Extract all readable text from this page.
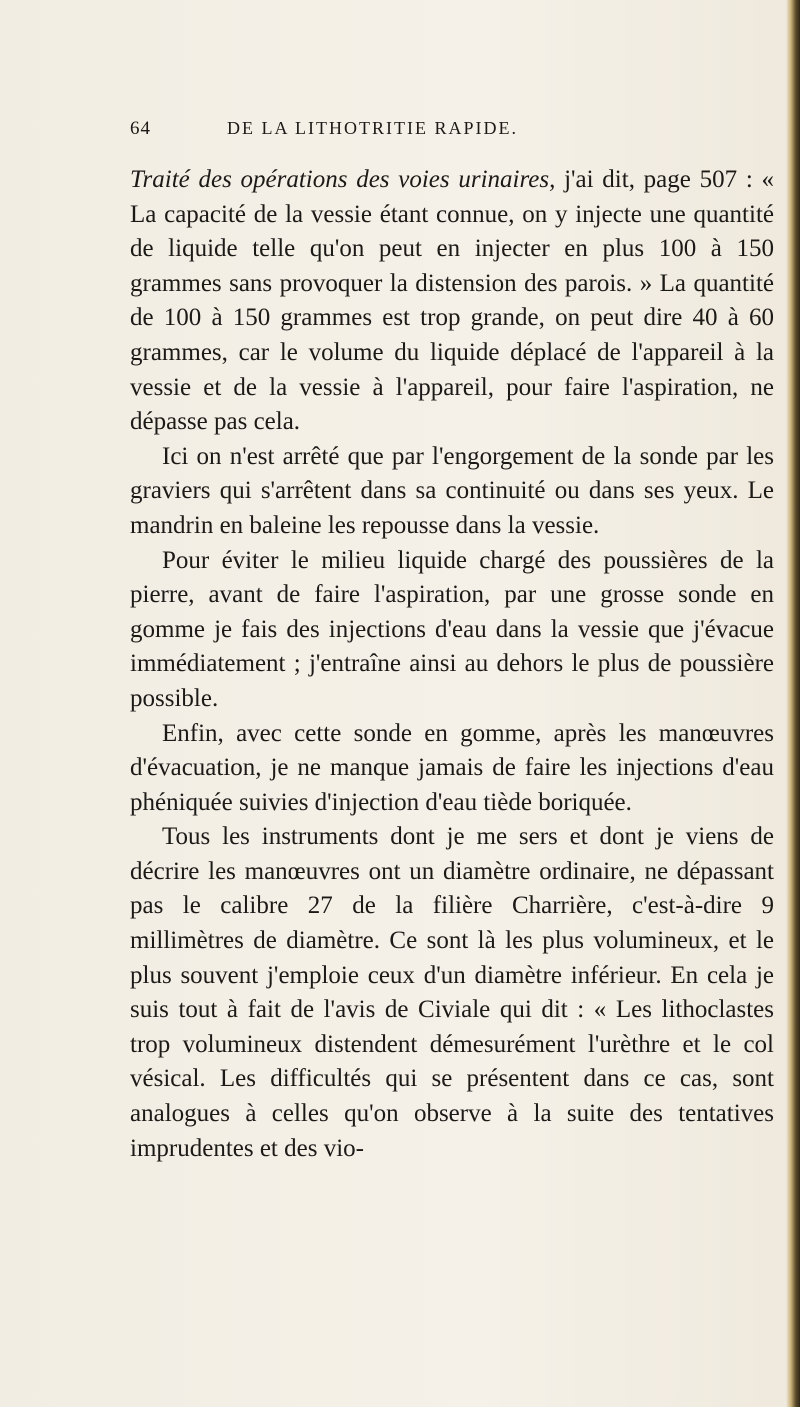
64	DE LA LITHOTRITIE RAPIDE.

Traité des opérations des voies urinaires, j'ai dit, page 507 : « La capacité de la vessie étant connue, on y injecte une quantité de liquide telle qu'on peut en injecter en plus 100 à 150 grammes sans provoquer la distension des parois. » La quantité de 100 à 150 grammes est trop grande, on peut dire 40 à 60 grammes, car le volume du liquide déplacé de l'appareil à la vessie et de la vessie à l'appareil, pour faire l'aspiration, ne dépasse pas cela.

Ici on n'est arrêté que par l'engorgement de la sonde par les graviers qui s'arrêtent dans sa continuité ou dans ses yeux. Le mandrin en baleine les repousse dans la vessie.

Pour éviter le milieu liquide chargé des poussières de la pierre, avant de faire l'aspiration, par une grosse sonde en gomme je fais des injections d'eau dans la vessie que j'évacue immédiatement ; j'entraîne ainsi au dehors le plus de poussière possible.

Enfin, avec cette sonde en gomme, après les manœuvres d'évacuation, je ne manque jamais de faire les injections d'eau phéniquée suivies d'injection d'eau tiède boriquée.

Tous les instruments dont je me sers et dont je viens de décrire les manœuvres ont un diamètre ordinaire, ne dépassant pas le calibre 27 de la filière Charrière, c'est-à-dire 9 millimètres de diamètre. Ce sont là les plus volumineux, et le plus souvent j'emploie ceux d'un diamètre inférieur. En cela je suis tout à fait de l'avis de Civiale qui dit : « Les lithoclastes trop volumineux distendent démesurément l'urèthre et le col vésical. Les difficultés qui se présentent dans ce cas, sont analogues à celles qu'on observe à la suite des tentatives imprudentes et des vio-
